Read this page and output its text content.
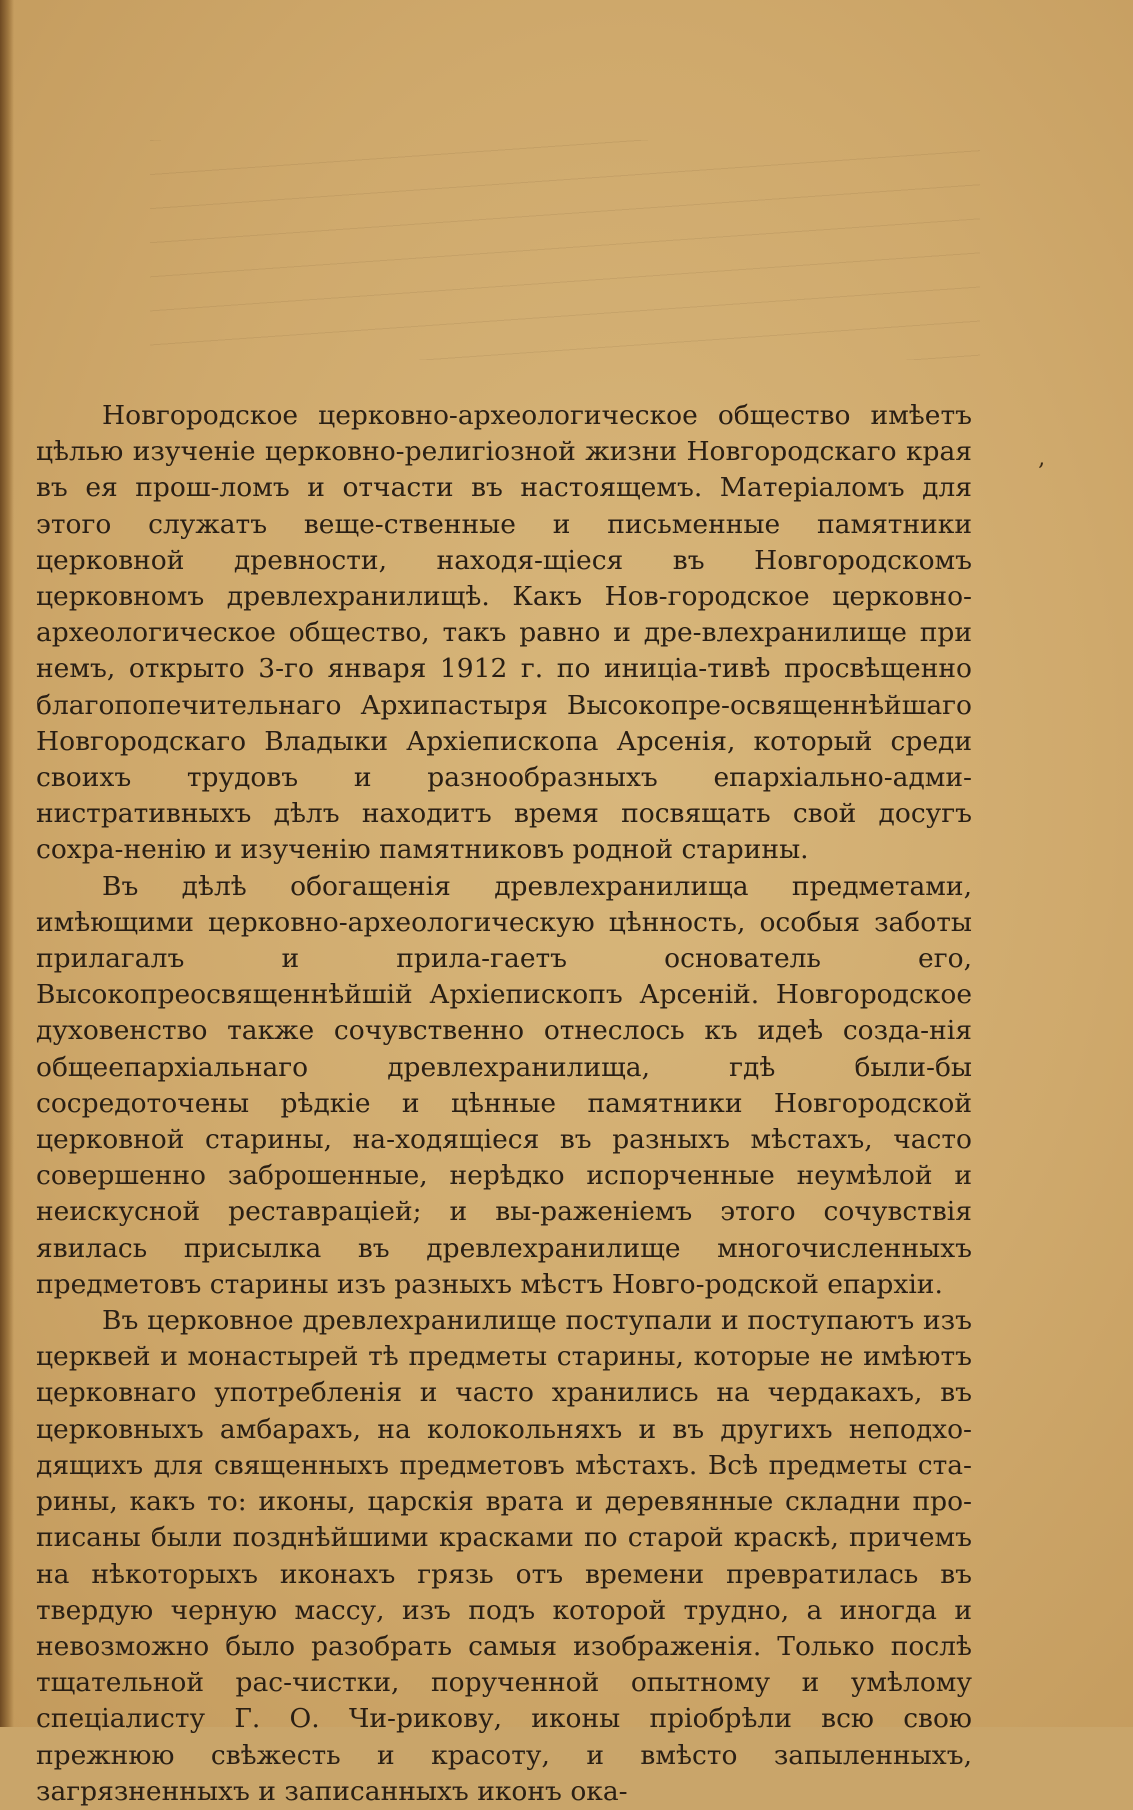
‚

Новгородское церковно-археологическое общество имѣетъ цѣлью изученіе церковно-религіозной жизни Новгородскаго края въ ея прош-ломъ и отчасти въ настоящемъ. Матеріаломъ для этого служатъ веще-ственные и письменные памятники церковной древности, находя-щіеся въ Новгородскомъ церковномъ древлехранилищѣ. Какъ Нов-городское церковно-археологическое общество, такъ равно и дре-влехранилище при немъ, открыто 3-го января 1912 г. по иниціа-тивѣ просвѣщенно благопопечительнаго Архипастыря Высокопре-освященнѣйшаго Новгородскаго Владыки Архіепископа Арсенія, который среди своихъ трудовъ и разнообразныхъ епархіально-адми-нистративныхъ дѣлъ находитъ время посвящать свой досугъ сохра-ненію и изученію памятниковъ родной старины.

Въ дѣлѣ обогащенія древлехранилища предметами, имѣющими церковно-археологическую цѣнность, особыя заботы прилагалъ и прила-гаетъ основатель его, Высокопреосвященнѣйшій Архіепископъ Арсеній. Новгородское духовенство также сочувственно отнеслось къ идеѣ созда-нія общеепархіальнаго древлехранилища, гдѣ были-бы сосредоточены рѣдкіе и цѣнные памятники Новгородской церковной старины, на-ходящіеся въ разныхъ мѣстахъ, часто совершенно заброшенные, нерѣдко испорченные неумѣлой и неискусной реставраціей; и вы-раженіемъ этого сочувствія явилась присылка въ древлехранилище многочисленныхъ предметовъ старины изъ разныхъ мѣстъ Новго-родской епархіи.

Въ церковное древлехранилище поступали и поступаютъ изъ церквей и монастырей тѣ предметы старины, которые не имѣютъ церковнаго употребленія и часто хранились на чердакахъ, въ церковныхъ амбарахъ, на колокольняхъ и въ другихъ неподхо-дящихъ для священныхъ предметовъ мѣстахъ. Всѣ предметы ста-рины, какъ то: иконы, царскія врата и деревянные складни про-писаны были позднѣйшими красками по старой краскѣ, причемъ на нѣкоторыхъ иконахъ грязь отъ времени превратилась въ твердую черную массу, изъ подъ которой трудно, а иногда и невозможно было разобрать самыя изображенія. Только послѣ тщательной рас-чистки, порученной опытному и умѣлому спеціалисту Г. О. Чи-рикову, иконы пріобрѣли всю свою прежнюю свѣжесть и красоту, и вмѣсто запыленныхъ, загрязненныхъ и записанныхъ иконъ ока-
